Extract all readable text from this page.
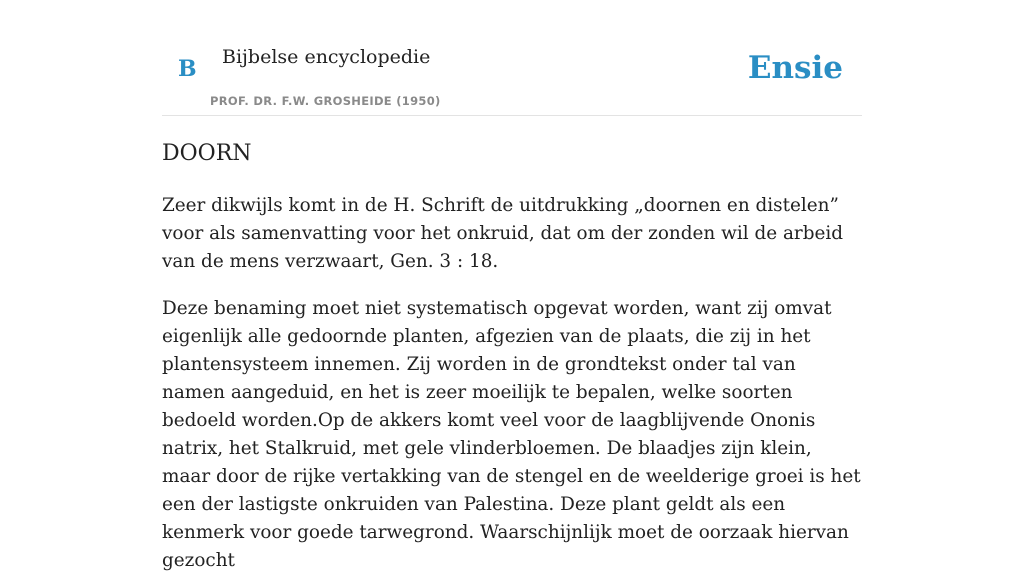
B Bijbelse encyclopedie
PROF. DR. F.W. GROSHEIDE (1950)
Ensie
DOORN

Zeer dikwijls komt in de H. Schrift de uitdrukking „doornen en distelen” voor als samenvatting voor het onkruid, dat om der zonden wil de arbeid van de mens verzwaart, Gen. 3 : 18.

Deze benaming moet niet systematisch opgevat worden, want zij omvat eigenlijk alle gedoornde planten, afgezien van de plaats, die zij in het plantensysteem innemen. Zij worden in de grondtekst onder tal van namen aangeduid, en het is zeer moeilijk te bepalen, welke soorten bedoeld worden.Op de akkers komt veel voor de laagblijvende Ononis natrix, het Stalkruid, met gele vlinderbloemen. De blaadjes zijn klein, maar door de rijke vertakking van de stengel en de weelderige groei is het een der lastigste onkruiden van Palestina. Deze plant geldt als een kenmerk voor goede tarwegrond. Waarschijnlijk moet de oorzaak hiervan gezocht
